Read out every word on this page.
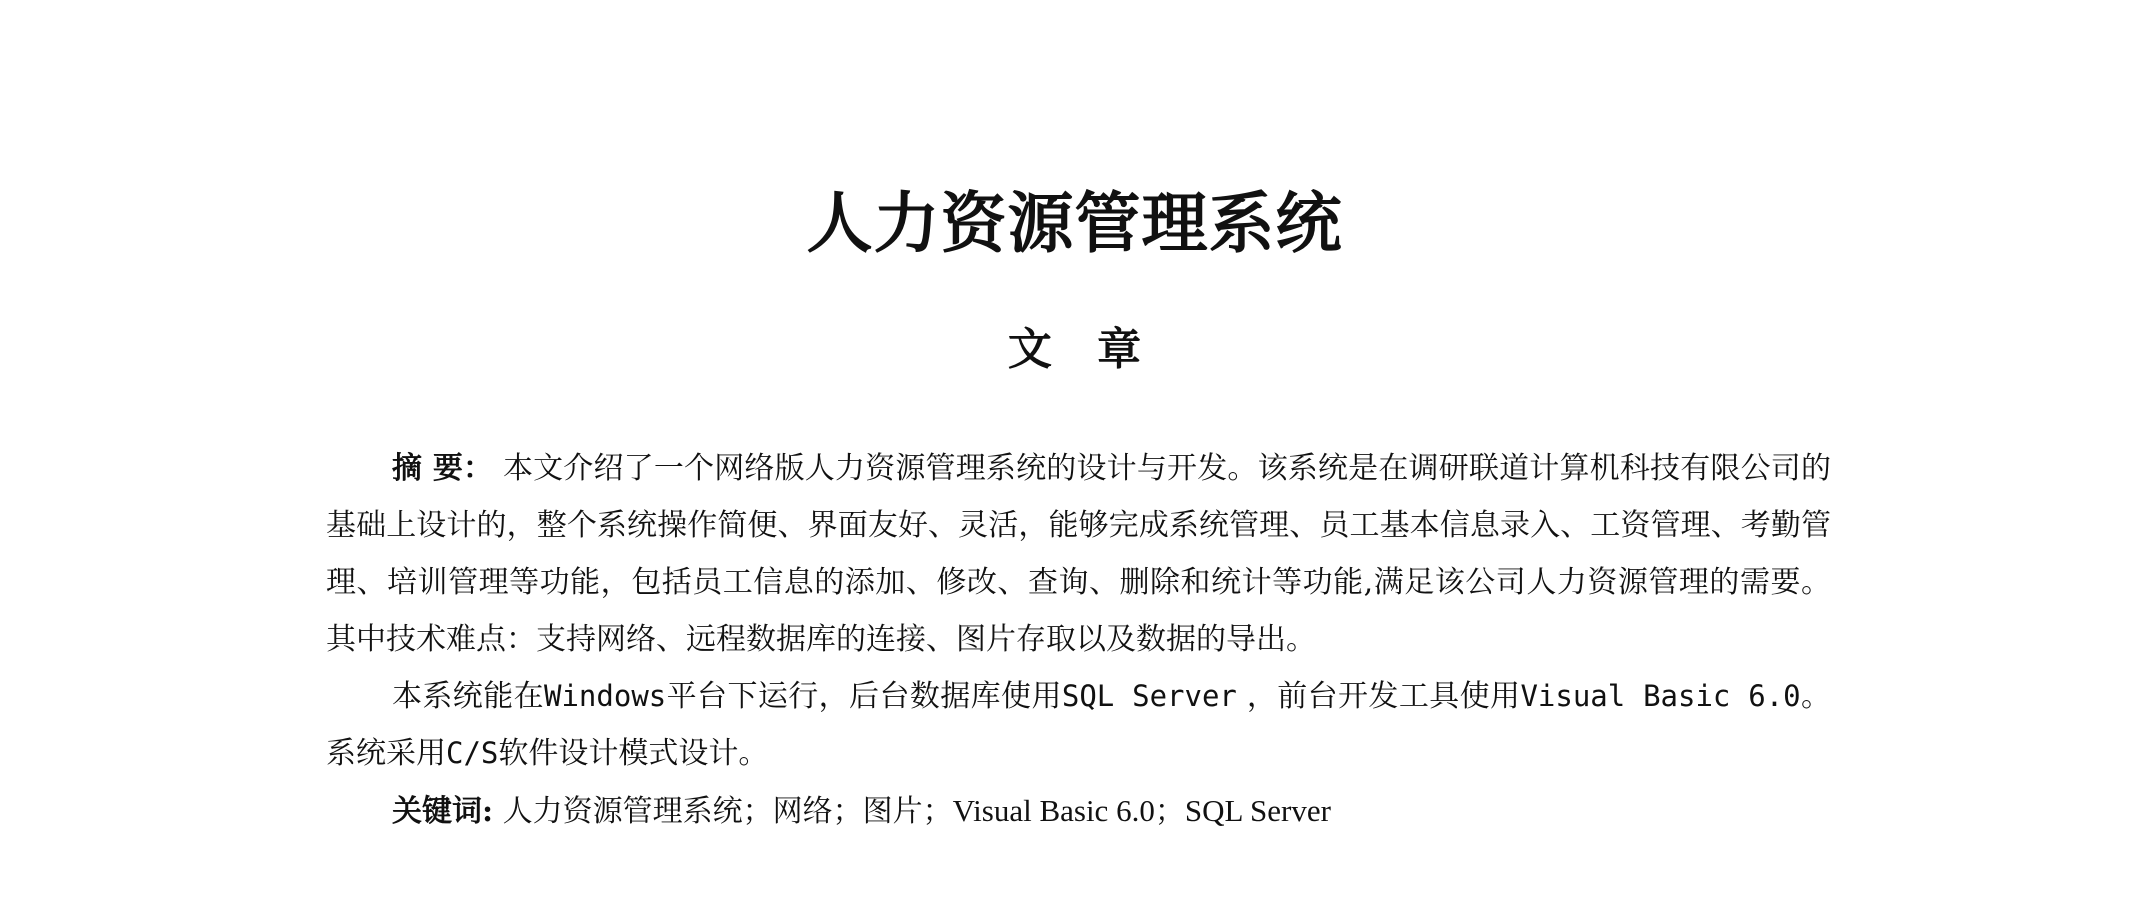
人力资源管理系统
文 章

摘 要： 本文介绍了一个网络版人力资源管理系统的设计与开发。该系统是在调研联道计算机科技有限公司的基础上设计的，整个系统操作简便、界面友好、灵活，能够完成系统管理、员工基本信息录入、工资管理、考勤管理、培训管理等功能，包括员工信息的添加、修改、查询、删除和统计等功能,满足该公司人力资源管理的需要。其中技术难点：支持网络、远程数据库的连接、图片存取以及数据的导出。

本系统能在Windows平台下运行，后台数据库使用SQL Server ，前台开发工具使用Visual Basic 6.0。系统采用C/S软件设计模式设计。

关键词: 人力资源管理系统；网络；图片；Visual Basic 6.0；SQL Server
